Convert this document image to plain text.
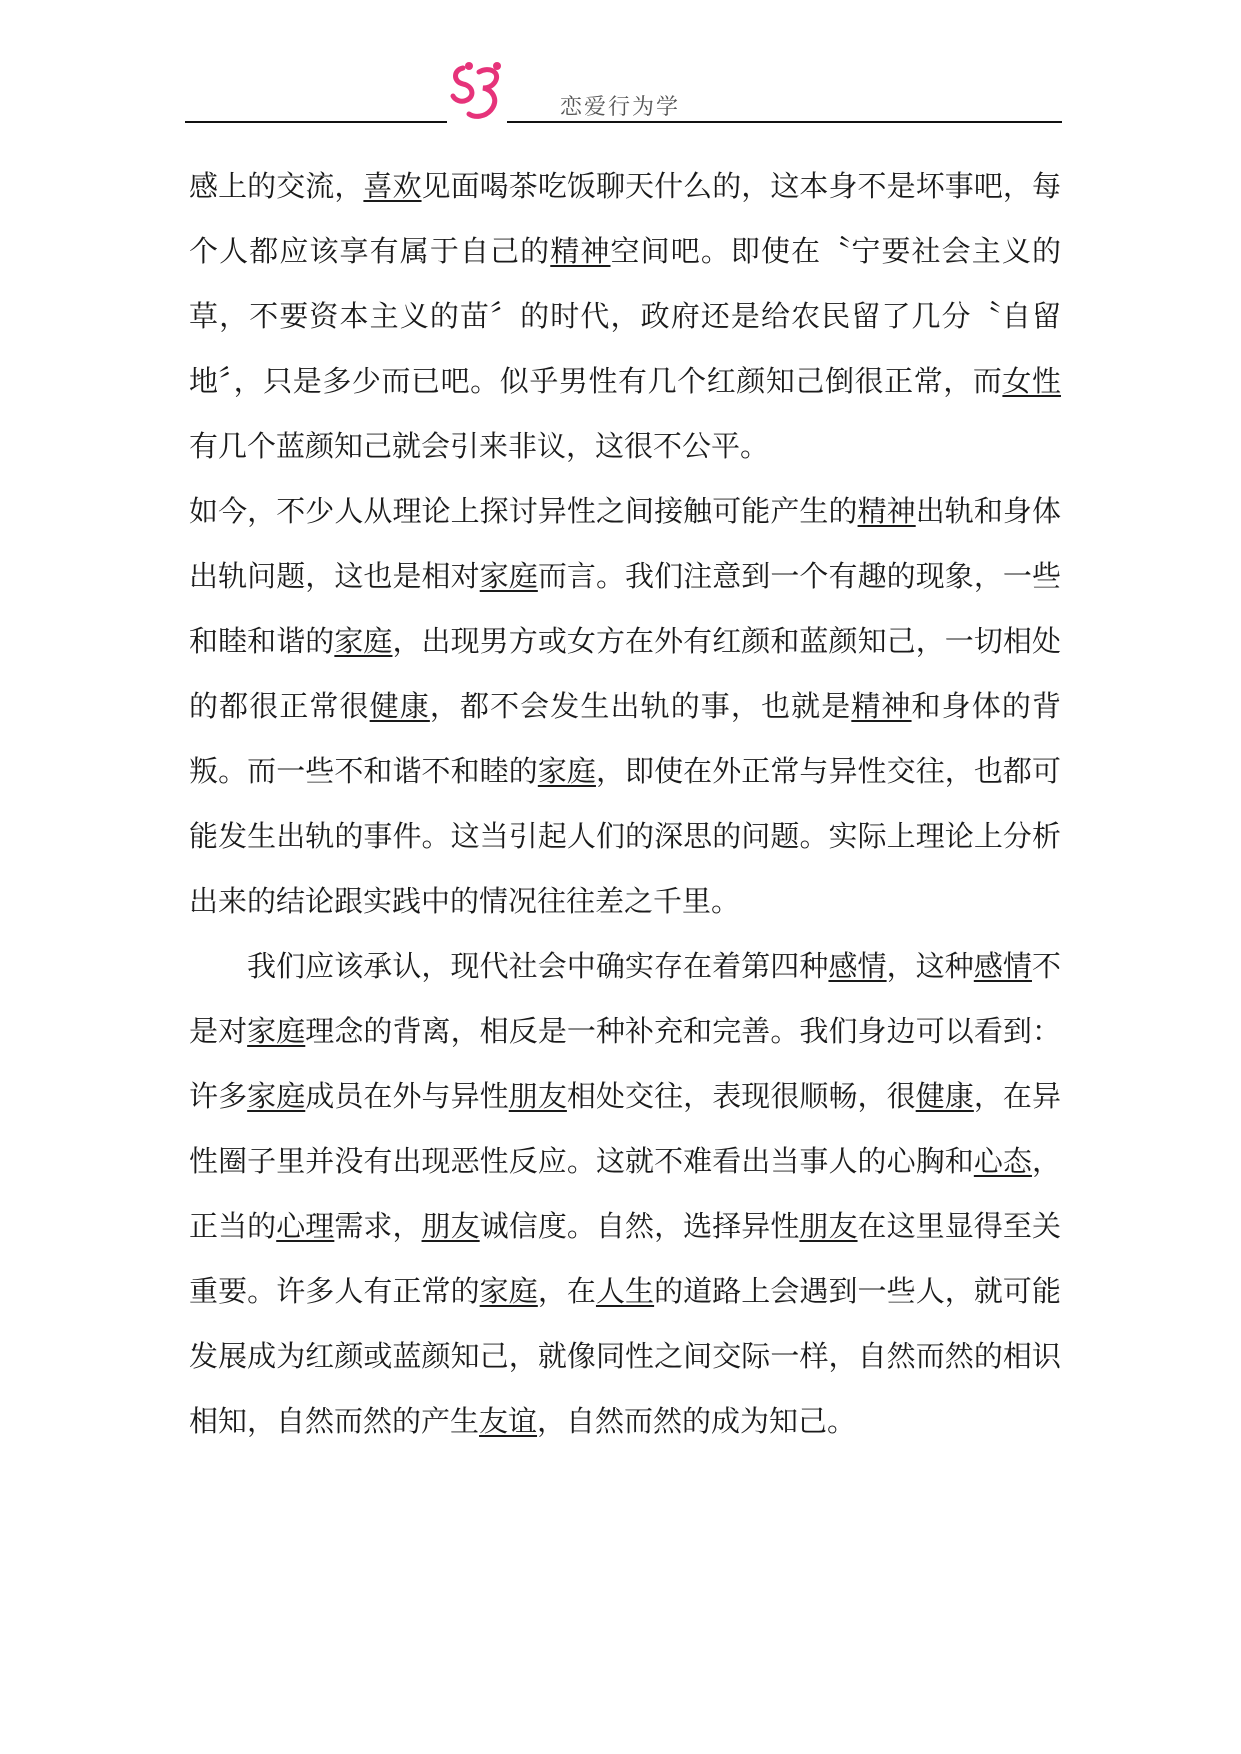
恋爱行为学

感上的交流，喜欢见面喝茶吃饭聊天什么的，这本身不是坏事吧，每个人都应该享有属于自己的精神空间吧。即使在〝宁要社会主义的草，不要资本主义的苗〞的时代，政府还是给农民留了几分〝自留地〞，只是多少而已吧。似乎男性有几个红颜知己倒很正常，而女性有几个蓝颜知己就会引来非议，这很不公平。

如今，不少人从理论上探讨异性之间接触可能产生的精神出轨和身体出轨问题，这也是相对家庭而言。我们注意到一个有趣的现象，一些和睦和谐的家庭，出现男方或女方在外有红颜和蓝颜知己，一切相处的都很正常很健康，都不会发生出轨的事，也就是精神和身体的背叛。而一些不和谐不和睦的家庭，即使在外正常与异性交往，也都可能发生出轨的事件。这当引起人们的深思的问题。实际上理论上分析出来的结论跟实践中的情况往往差之千里。

我们应该承认，现代社会中确实存在着第四种感情，这种感情不是对家庭理念的背离，相反是一种补充和完善。我们身边可以看到：许多家庭成员在外与异性朋友相处交往，表现很顺畅，很健康，在异性圈子里并没有出现恶性反应。这就不难看出当事人的心胸和心态，正当的心理需求，朋友诚信度。自然，选择异性朋友在这里显得至关重要。许多人有正常的家庭，在人生的道路上会遇到一些人，就可能发展成为红颜或蓝颜知己，就像同性之间交际一样，自然而然的相识相知，自然而然的产生友谊，自然而然的成为知己。
